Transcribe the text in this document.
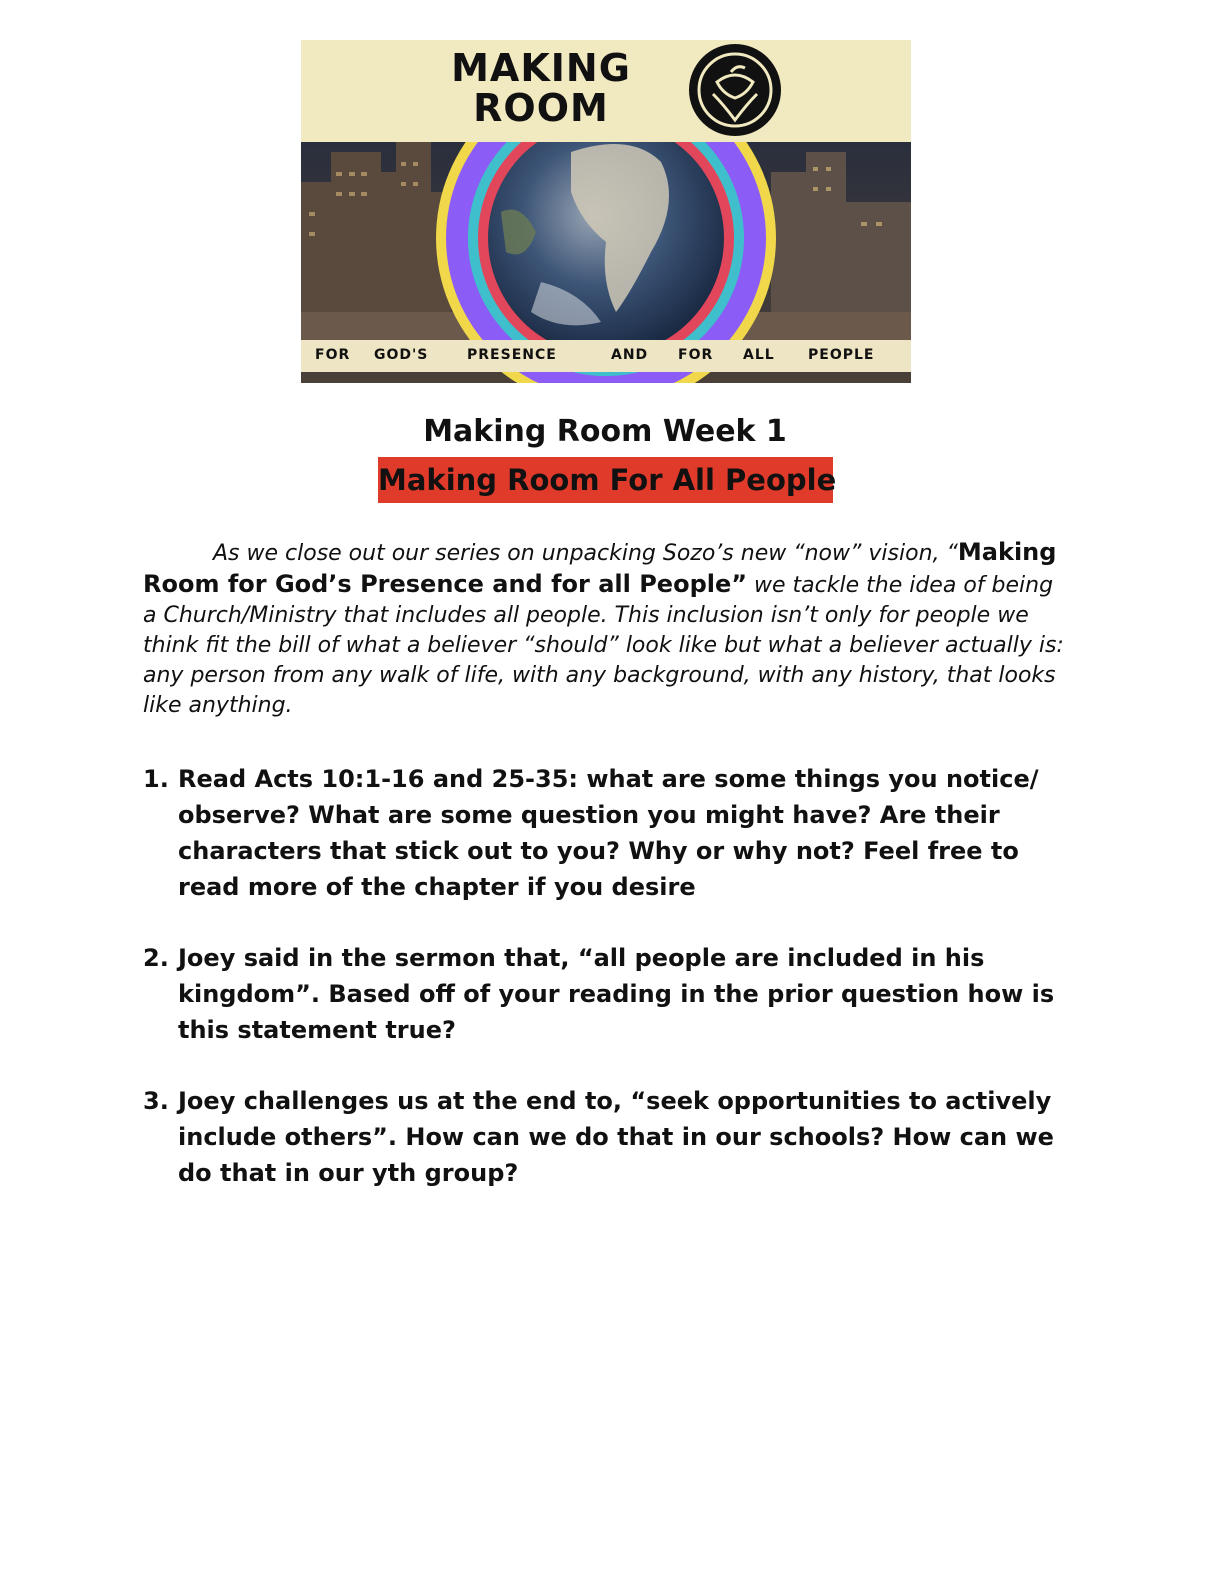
MAKING
ROOM

FOR

GOD'S

	PRESENCE

	AND

FOR

ALL

PEOPLE

Making Room Week 1
Making Room For All People
As we close out our series on unpacking Sozo’s new “now” vision, “Making Room for God’s Presence and for all People” we tackle the idea of being a Church/Ministry that includes all people. This inclusion isn’t only for people we think fit the bill of what a believer “should” look like but what a believer actually is: any person from any walk of life, with any background, with any history, that looks like anything.
1. Read Acts 10:1-16 and 25-35: what are some things you notice/ observe? What are some question you might have? Are their characters that stick out to you? Why or why not? Feel free to read more of the chapter if you desire
2. Joey said in the sermon that, “all people are included in his kingdom”. Based off of your reading in the prior question how is this statement true?
3. Joey challenges us at the end to, “seek opportunities to actively include others”. How can we do that in our schools? How can we do that in our yth group?
